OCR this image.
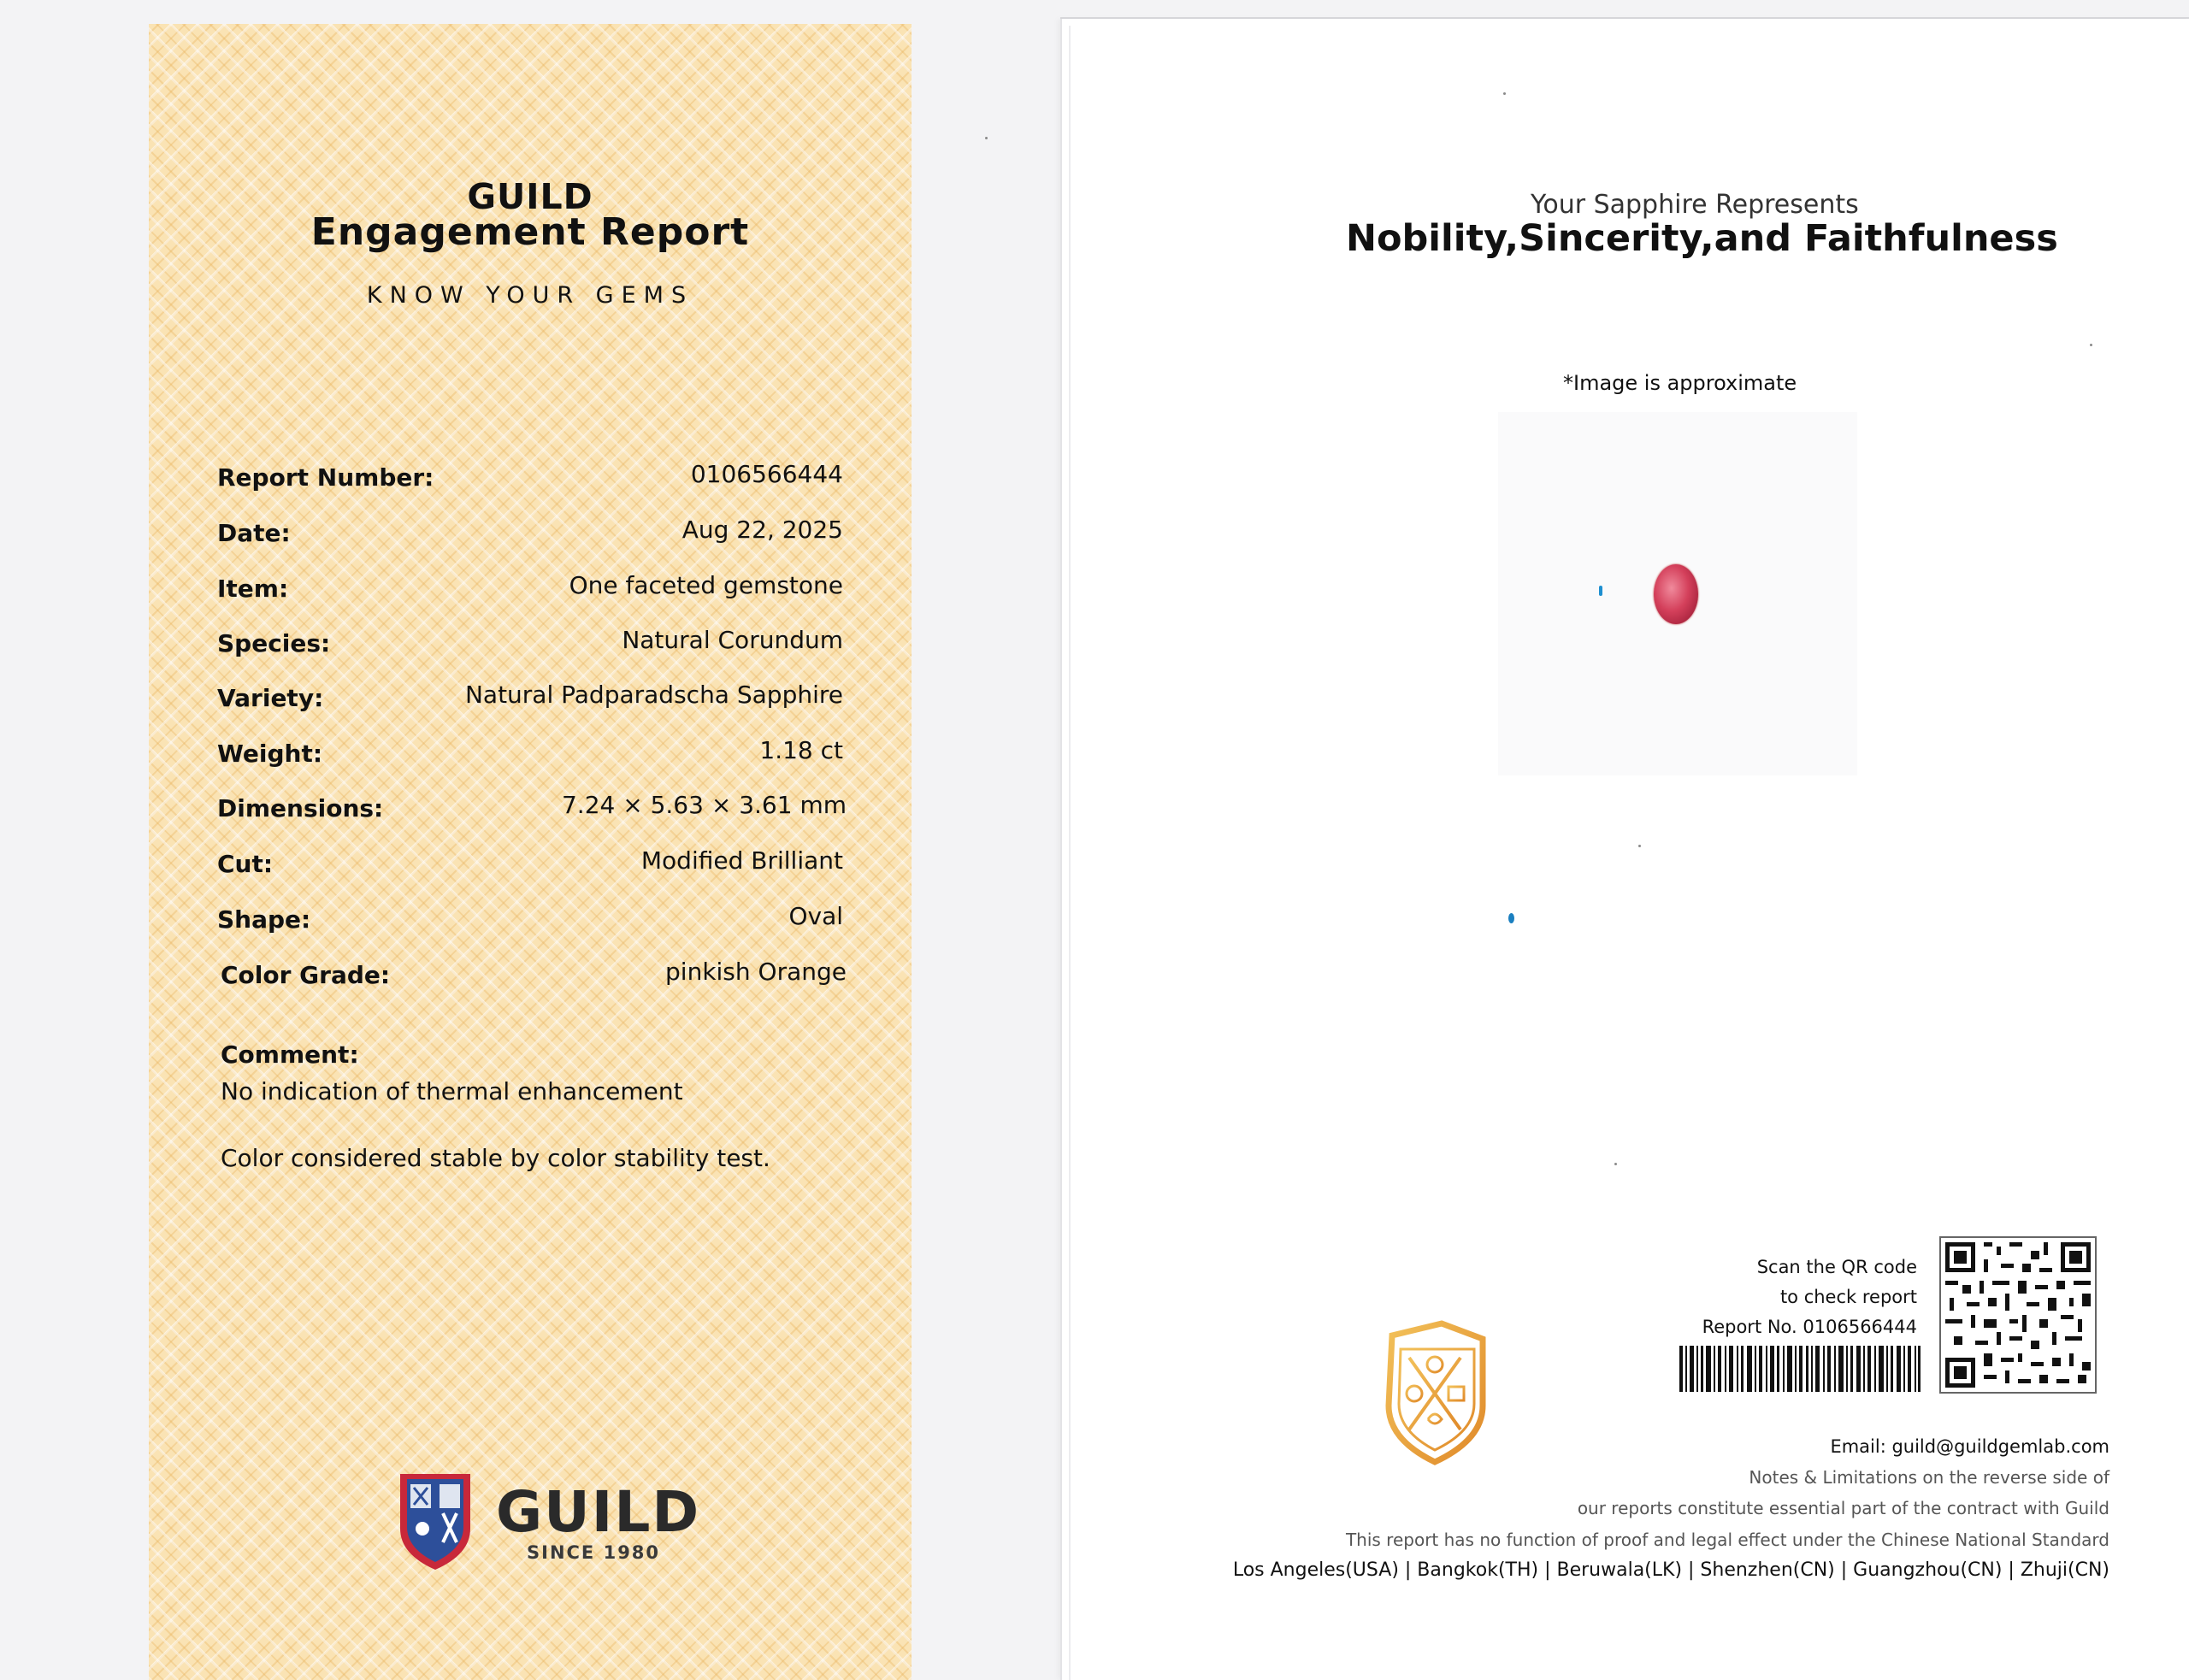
GUILD
Engagement Report
KNOW YOUR GEMS
Report Number:	0106566444
Date:	Aug 22, 2025
Item:	One faceted gemstone
Species:	Natural Corundum
Variety:	Natural Padparadscha Sapphire
Weight:	1.18 ct
Dimensions:	7.24 × 5.63 × 3.61 mm
Cut:	Modified Brilliant
Shape:	Oval
Color Grade:	pinkish Orange
Comment:
No indication of thermal enhancement
Color considered stable by color stability test.
GUILD
SINCE 1980
Your Sapphire Represents
Nobility,Sincerity,and Faithfulness
*Image is approximate
Scan the QR code
to check report
Report No. 0106566444
Email: guild@guildgemlab.com
Notes & Limitations on the reverse side of
our reports constitute essential part of the contract with Guild
This report has no function of proof and legal effect under the Chinese National Standard
Los Angeles(USA) | Bangkok(TH) | Beruwala(LK) | Shenzhen(CN) | Guangzhou(CN) | Zhuji(CN)
